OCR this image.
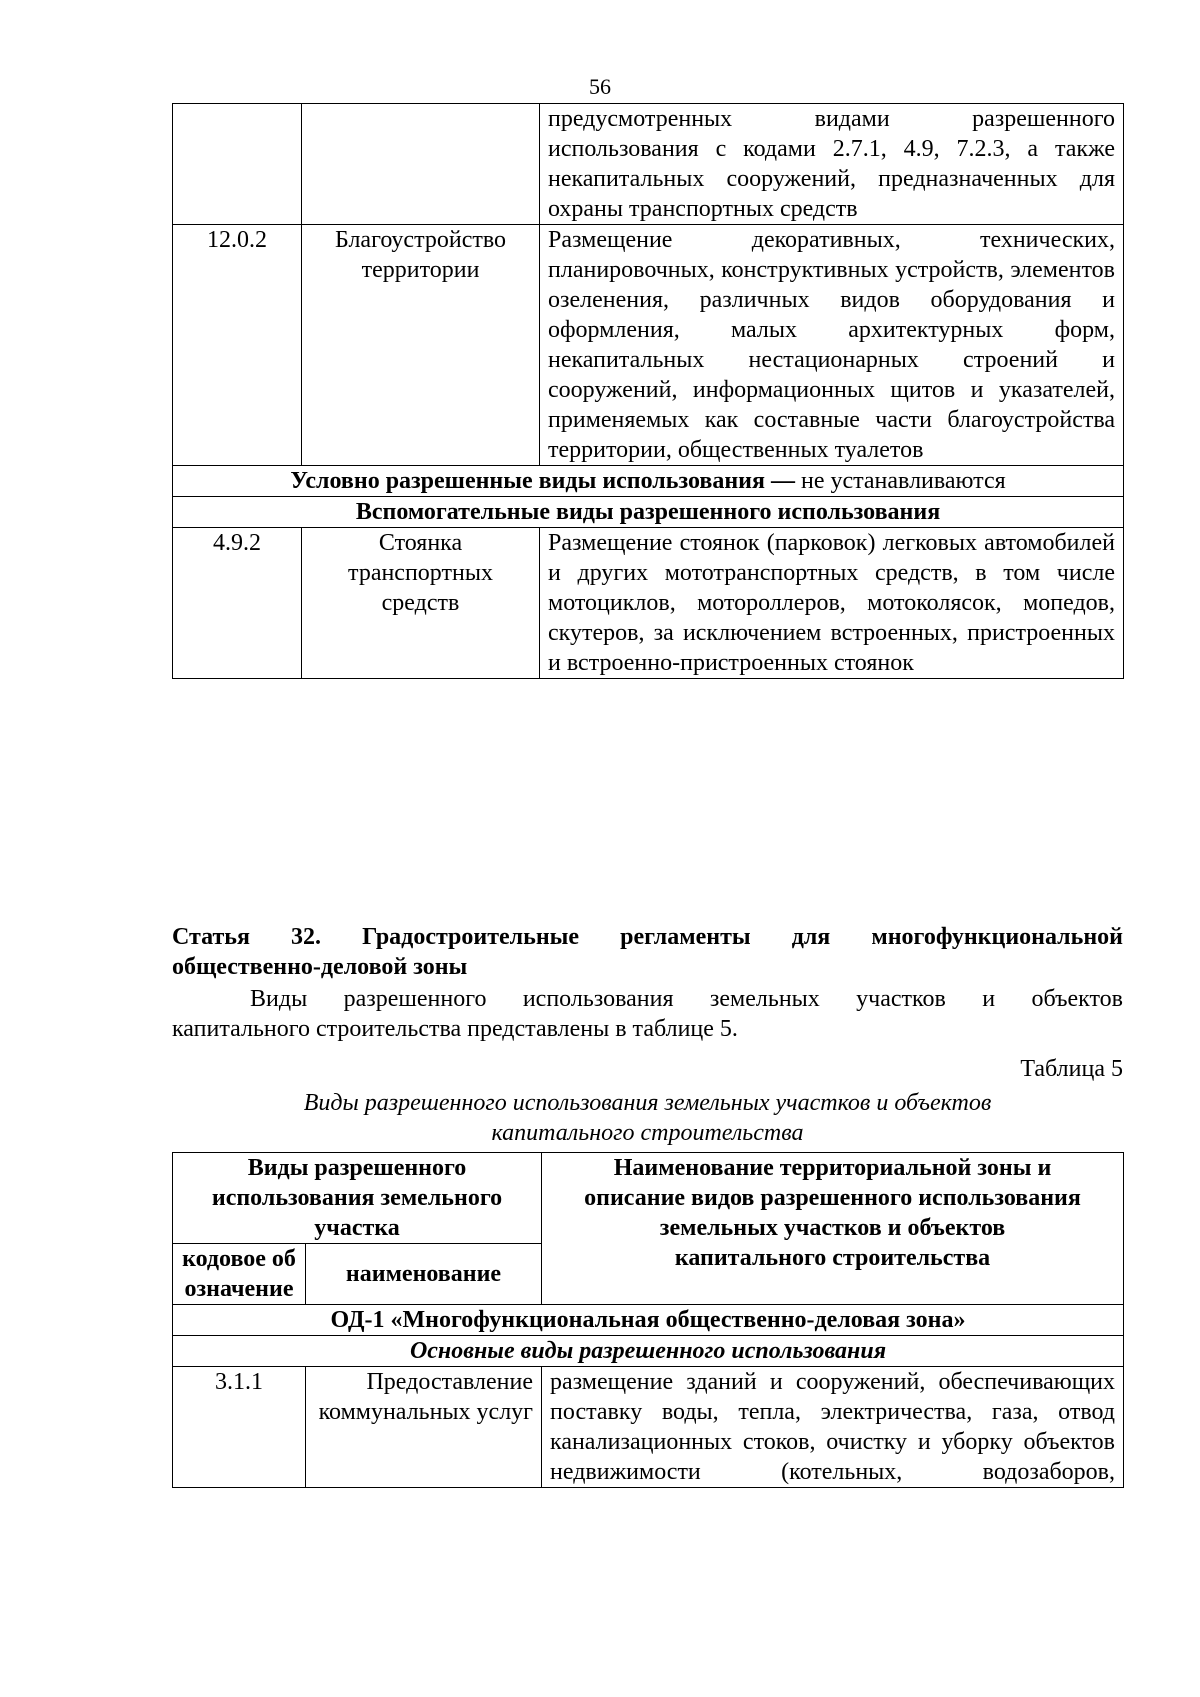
56
		предусмотренных видами разрешенного использования с кодами 2.7.1, 4.9, 7.2.3, а также некапитальных сооружений, предназначенных для охраны транспортных средств
12.0.2	Благоустройство территории	Размещение декоративных, технических, планировочных, конструктивных устройств, элементов озеленения, различных видов оборудования и оформления, малых архитектурных форм, некапитальных нестационарных строений и сооружений, информационных щитов и указателей, применяемых как составные части благоустройства территории, общественных туалетов
Условно разрешенные виды использования — не устанавливаются		
Вспомогательные виды разрешенного использования		
4.9.2	Стоянка транспортных средств	Размещение стоянок (парковок) легковых автомобилей и других мототранспортных средств, в том числе мотоциклов, мотороллеров, мотоколясок, мопедов, скутеров, за исключением встроенных, пристроенных и встроенно-пристроенных стоянок
Статья 32. Градостроительные регламенты для многофункциональной
общественно-деловой зоны
Виды разрешенного использования земельных участков и объектов
капитального строительства представлены в таблице 5.
Таблица 5
Виды разрешенного использования земельных участков и объектов
капитального строительства
Виды разрешенного использования земельного участка		Наименование территориальной зоны и описание видов разрешенного использования земельных участков и объектов капитального строительства
кодовое обозначение	наименование	
ОД-1 «Многофункциональная общественно-деловая зона»		
Основные виды разрешенного использования		
3.1.1	Предоставление коммунальных услуг	размещение зданий и сооружений, обеспечивающих поставку воды, тепла, электричества, газа, отвод канализационных стоков, очистку и уборку объектов недвижимости (котельных, водозаборов,
